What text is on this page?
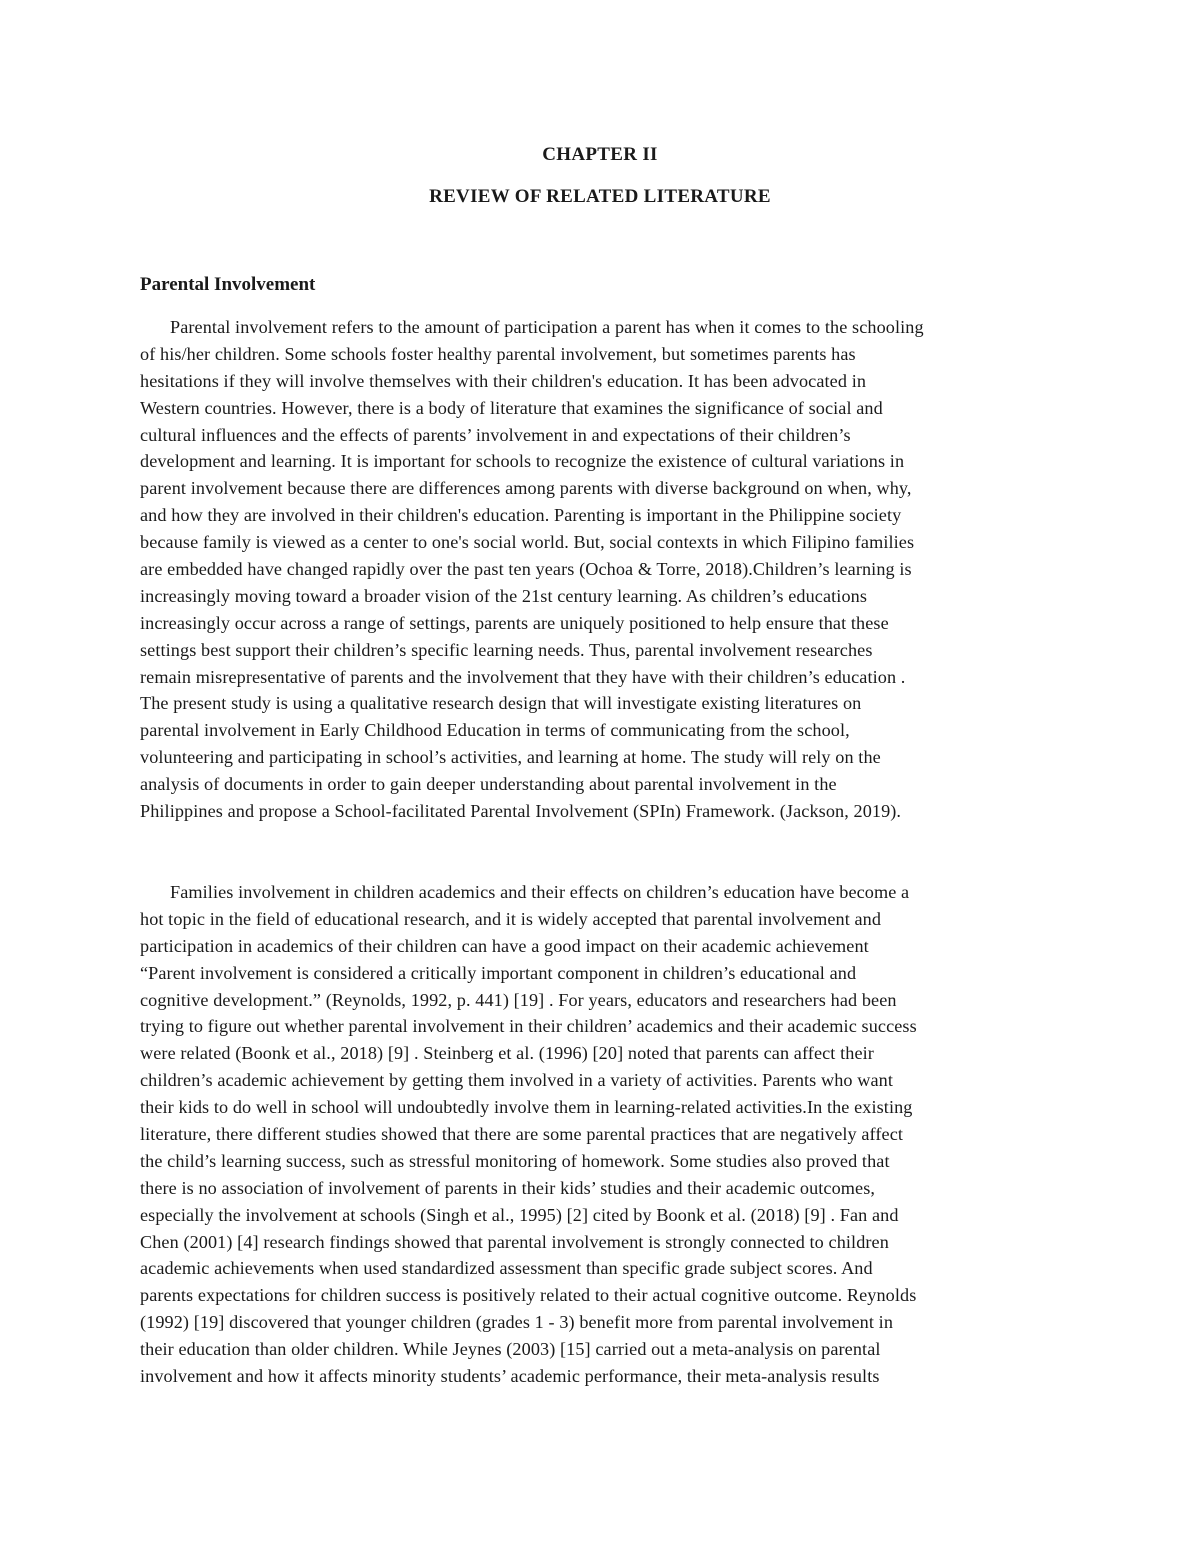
CHAPTER II
REVIEW OF RELATED LITERATURE
Parental Involvement
Parental involvement refers to the amount of participation a parent has when it comes to the schooling
of his/her children. Some schools foster healthy parental involvement, but sometimes parents has
hesitations if they will involve themselves with their children's education. It has been advocated in
Western countries. However, there is a body of literature that examines the significance of social and
cultural influences and the effects of parents’ involvement in and expectations of their children’s
development and learning. It is important for schools to recognize the existence of cultural variations in
parent involvement because there are differences among parents with diverse background on when, why,
and how they are involved in their children's education. Parenting is important in the Philippine society
because family is viewed as a center to one's social world. But, social contexts in which Filipino families
are embedded have changed rapidly over the past ten years (Ochoa & Torre, 2018).Children’s learning is
increasingly moving toward a broader vision of the 21st century learning. As children’s educations
increasingly occur across a range of settings, parents are uniquely positioned to help ensure that these
settings best support their children’s specific learning needs. Thus, parental involvement researches
remain misrepresentative of parents and the involvement that they have with their children’s education .
The present study is using a qualitative research design that will investigate existing literatures on
parental involvement in Early Childhood Education in terms of communicating from the school,
volunteering and participating in school’s activities, and learning at home. The study will rely on the
analysis of documents in order to gain deeper understanding about parental involvement in the
Philippines and propose a School-facilitated Parental Involvement (SPIn) Framework. (Jackson, 2019).
Families involvement in children academics and their effects on children’s education have become a
hot topic in the field of educational research, and it is widely accepted that parental involvement and
participation in academics of their children can have a good impact on their academic achievement
“Parent involvement is considered a critically important component in children’s educational and
cognitive development.” (Reynolds, 1992, p. 441) [19] . For years, educators and researchers had been
trying to figure out whether parental involvement in their children’ academics and their academic success
were related (Boonk et al., 2018) [9] . Steinberg et al. (1996) [20] noted that parents can affect their
children’s academic achievement by getting them involved in a variety of activities. Parents who want
their kids to do well in school will undoubtedly involve them in learning-related activities.In the existing
literature, there different studies showed that there are some parental practices that are negatively affect
the child’s learning success, such as stressful monitoring of homework. Some studies also proved that
there is no association of involvement of parents in their kids’ studies and their academic outcomes,
especially the involvement at schools (Singh et al., 1995) [2] cited by Boonk et al. (2018) [9] . Fan and
Chen (2001) [4] research findings showed that parental involvement is strongly connected to children
academic achievements when used standardized assessment than specific grade subject scores. And
parents expectations for children success is positively related to their actual cognitive outcome. Reynolds
(1992) [19] discovered that younger children (grades 1 - 3) benefit more from parental involvement in
their education than older children. While Jeynes (2003) [15] carried out a meta-analysis on parental
involvement and how it affects minority students’ academic performance, their meta-analysis results
